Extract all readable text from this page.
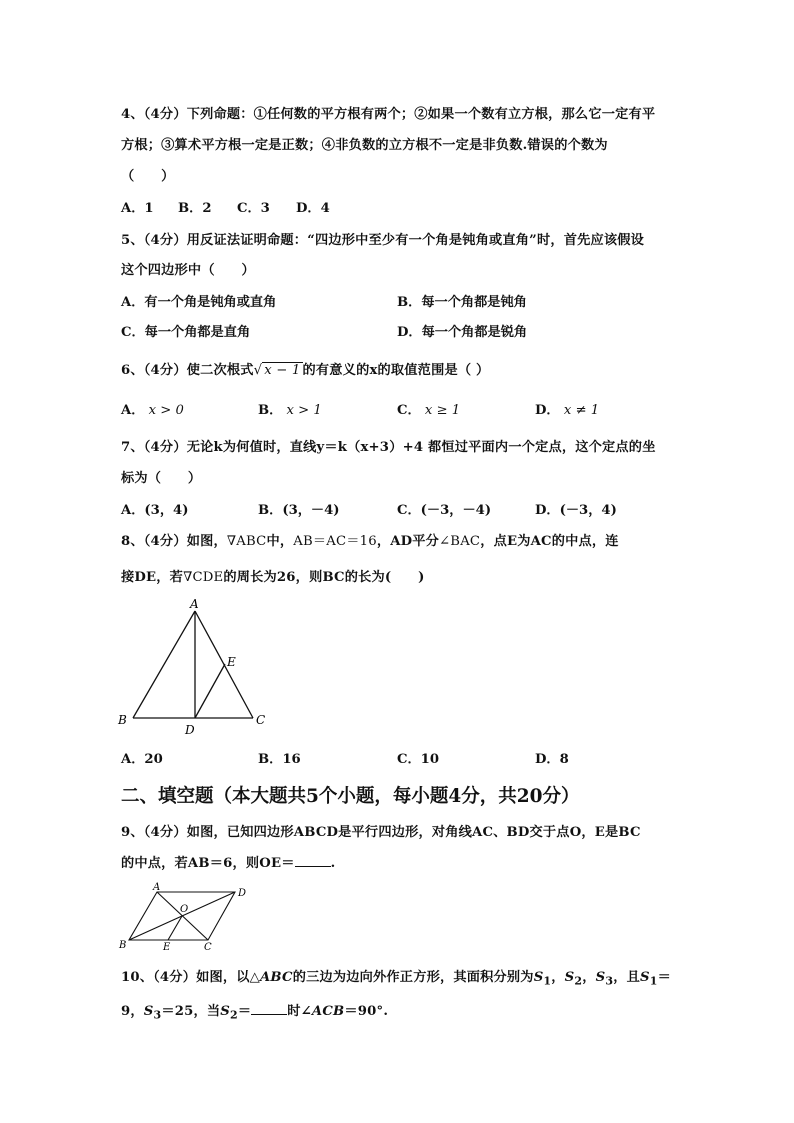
4、（4分）下列命题：①任何数的平方根有两个；②如果一个数有立方根，那么它一定有平
方根；③算术平方根一定是正数；④非负数的立方根不一定是非负数.错误的个数为
（　　）
A．1 B．2 C．3 D．4
5、（4分）用反证法证明命题：“四边形中至少有一个角是钝角或直角”时，首先应该假设
这个四边形中（　　）
A．有一个角是钝角或直角	B．每一个角都是钝角
C．每一个角都是直角	D．每一个角都是锐角
6、（4分）使二次根式√ x − 1 的有意义的x的取值范围是（ ）
A． x > 0	B． x > 1	C． x ≥ 1	D． x ≠ 1
7、（4分）无论k为何值时，直线y＝k（x+3）+4 都恒过平面内一个定点，这个定点的坐
标为（　　）
A．(3，4)	B．(3，－4)	C．(－3，－4)	D．(－3，4)
8、（4分）如图，∇ABC中，AB＝AC＝16，AD平分∠BAC，点E为AC的中点，连
接DE，若∇CDE的周长为26，则BC的长为(　　)
A
B	C
D
E
A．20	B．16	C．10	D．8
二、填空题（本大题共5个小题，每小题4分，共20分）
9、（4分）如图，已知四边形ABCD是平行四边形，对角线AC、BD交于点O，E是BC
的中点，若AB＝6，则OE＝	.
A
D
O
B	E	C
10、（4分）如图，以△ABC的三边为边向外作正方形，其面积分别为$S_1$，$S_2$，$S_3$，且$S_1=$
9，$S_3=25$，当$S_2=$	时∠ACB＝90°.
